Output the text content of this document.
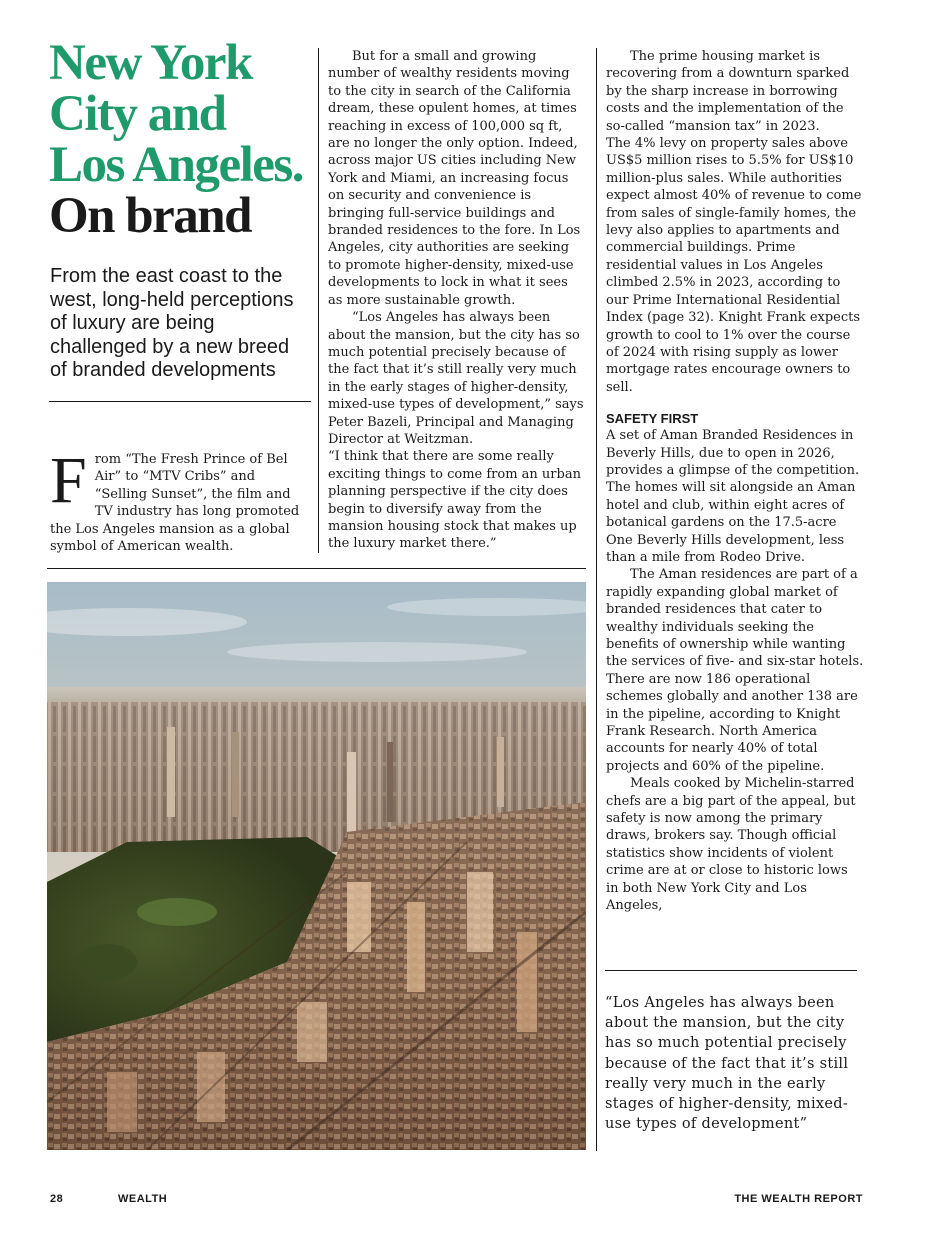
New York
City and
Los Angeles.
On brand

From the east coast to the west, long-held perceptions of luxury are being challenged by a new breed of branded developments

From “The Fresh Prince of Bel Air” to “MTV Cribs” and “Selling Sunset”, the film and TV industry has long promoted the Los Angeles mansion as a global symbol of American wealth.

But for a small and growing number of wealthy residents moving to the city in search of the California dream, these opulent homes, at times reaching in excess of 100,000 sq ft, are no longer the only option. Indeed, across major US cities including New York and Miami, an increasing focus on security and convenience is bringing full-service buildings and branded residences to the fore. In Los Angeles, city authorities are seeking to promote higher-density, mixed-use developments to lock in what it sees as more sustainable growth.

“Los Angeles has always been about the mansion, but the city has so much potential precisely because of the fact that it’s still really very much in the early stages of higher-density, mixed-use types of development,” says Peter Bazeli, Principal and Managing Director at Weitzman.

“I think that there are some really exciting things to come from an urban planning perspective if the city does begin to diversify away from the mansion housing stock that makes up the luxury market there.”

The prime housing market is recovering from a downturn sparked by the sharp increase in borrowing costs and the implementation of the so-called “mansion tax” in 2023.

The 4% levy on property sales above US$5 million rises to 5.5% for US$10 million-plus sales. While authorities expect almost 40% of revenue to come from sales of single-family homes, the levy also applies to apartments and commercial buildings. Prime residential values in Los Angeles climbed 2.5% in 2023, according to our Prime International Residential Index (page 32). Knight Frank expects growth to cool to 1% over the course of 2024 with rising supply as lower mortgage rates encourage owners to sell.

SAFETY FIRST

A set of Aman Branded Residences in Beverly Hills, due to open in 2026, provides a glimpse of the competition. The homes will sit alongside an Aman hotel and club, within eight acres of botanical gardens on the 17.5-acre One Beverly Hills development, less than a mile from Rodeo Drive.

The Aman residences are part of a rapidly expanding global market of branded residences that cater to wealthy individuals seeking the benefits of ownership while wanting the services of five- and six-star hotels. There are now 186 operational schemes globally and another 138 are in the pipeline, according to Knight Frank Research. North America accounts for nearly 40% of total projects and 60% of the pipeline.

Meals cooked by Michelin-starred chefs are a big part of the appeal, but safety is now among the primary draws, brokers say. Though official statistics show incidents of violent crime are at or close to historic lows in both New York City and Los Angeles,

“Los Angeles has always been about the mansion, but the city has so much potential precisely because of the fact that it’s still really very much in the early stages of higher-density, mixed-use types of development”

28	WEALTH	THE WEALTH REPORT
